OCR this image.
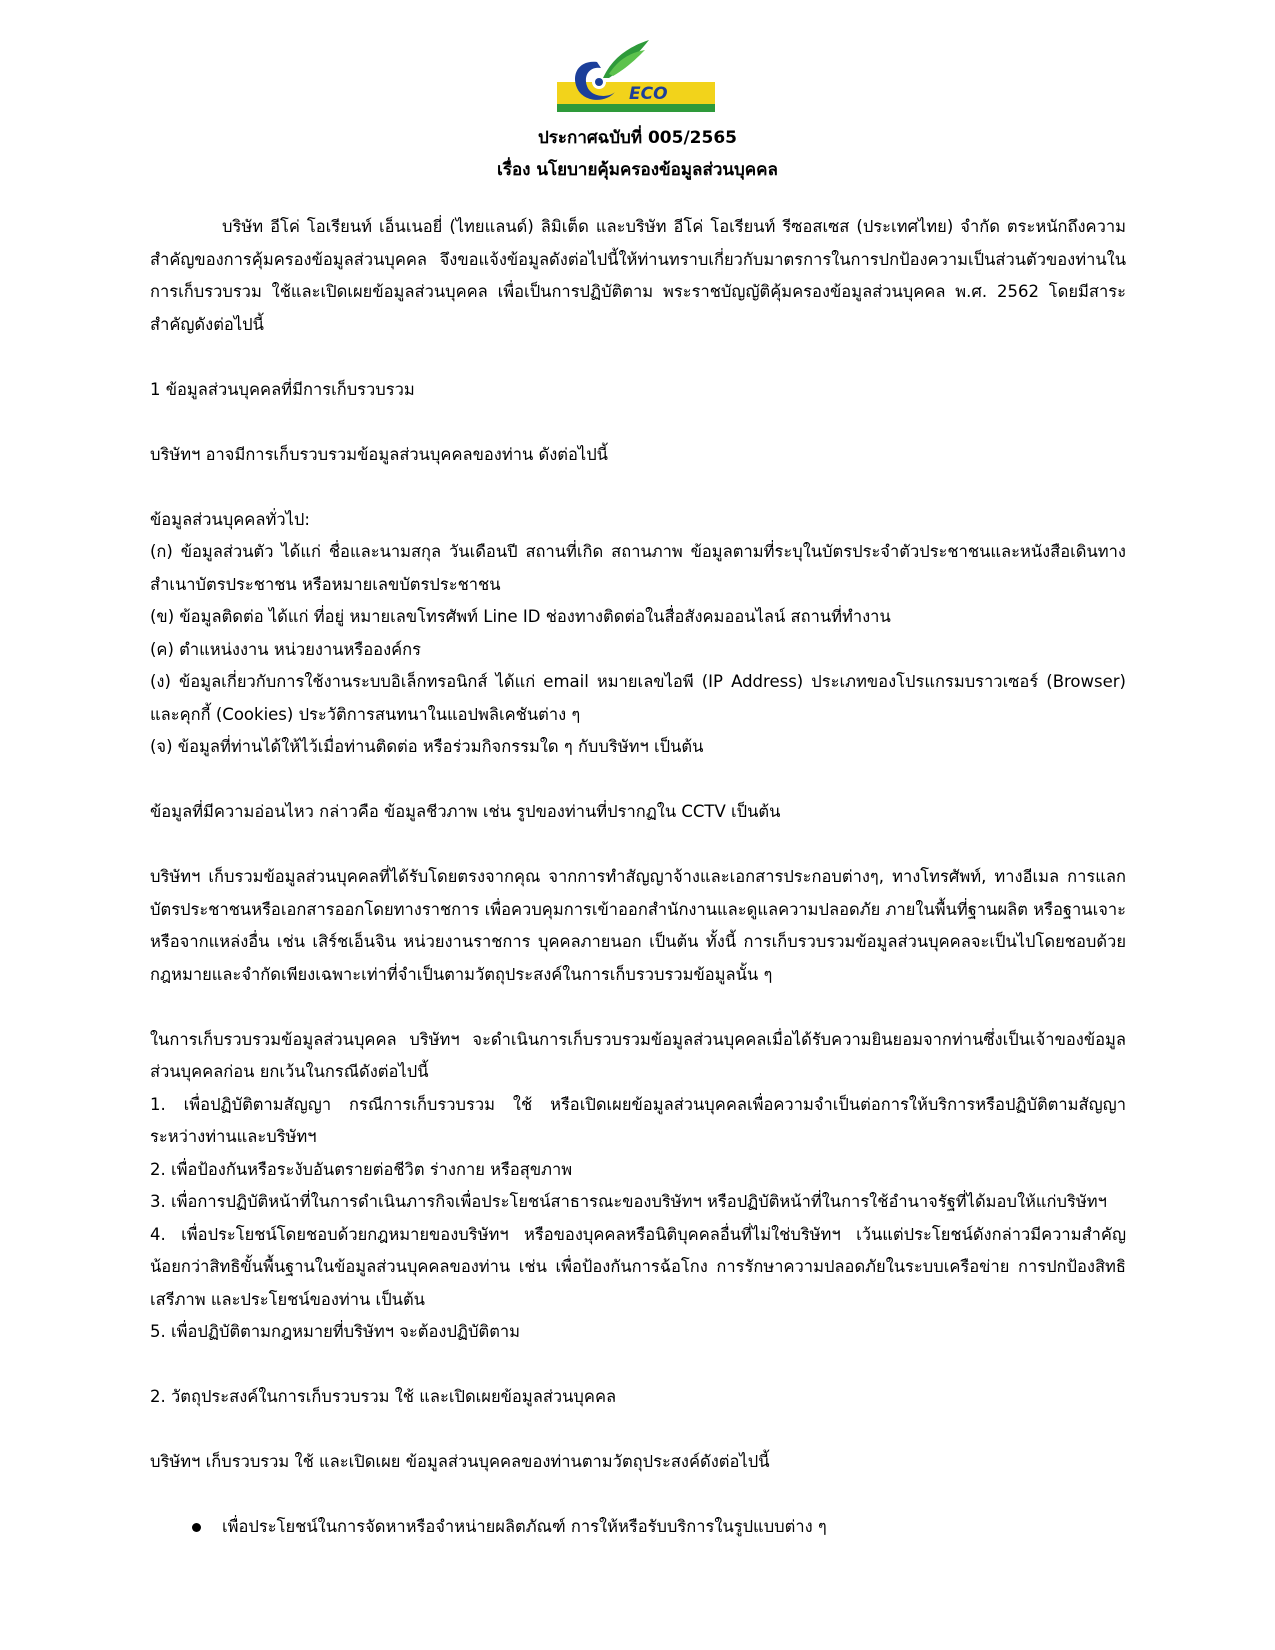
ECO
ประกาศฉบับที่ 005/2565
เรื่อง นโยบายคุ้มครองข้อมูลส่วนบุคคล

บริษัท อีโค่ โอเรียนท์ เอ็นเนอยี่ (ไทยแลนด์) ลิมิเต็ด และบริษัท อีโค่ โอเรียนท์ รีซอสเซส (ประเทศไทย) จำกัด ตระหนักถึงความสำคัญของการคุ้มครองข้อมูลส่วนบุคคล จึงขอแจ้งข้อมูลดังต่อไปนี้ให้ท่านทราบเกี่ยวกับมาตรการในการปกป้องความเป็นส่วนตัวของท่านในการเก็บรวบรวม ใช้และเปิดเผยข้อมูลส่วนบุคคล เพื่อเป็นการปฏิบัติตาม พระราชบัญญัติคุ้มครองข้อมูลส่วนบุคคล พ.ศ. 2562 โดยมีสาระสำคัญดังต่อไปนี้

1 ข้อมูลส่วนบุคคลที่มีการเก็บรวบรวม

บริษัทฯ อาจมีการเก็บรวบรวมข้อมูลส่วนบุคคลของท่าน ดังต่อไปนี้

ข้อมูลส่วนบุคคลทั่วไป:

(ก) ข้อมูลส่วนตัว ได้แก่ ชื่อและนามสกุล วันเดือนปี สถานที่เกิด สถานภาพ ข้อมูลตามที่ระบุในบัตรประจำตัวประชาชนและหนังสือเดินทาง สำเนาบัตรประชาชน หรือหมายเลขบัตรประชาชน

(ข) ข้อมูลติดต่อ ได้แก่ ที่อยู่ หมายเลขโทรศัพท์ Line ID ช่องทางติดต่อในสื่อสังคมออนไลน์ สถานที่ทำงาน

(ค) ตำแหน่งงาน หน่วยงานหรือองค์กร

(ง) ข้อมูลเกี่ยวกับการใช้งานระบบอิเล็กทรอนิกส์ ได้แก่ email หมายเลขไอพี (IP Address) ประเภทของโปรแกรมบราวเซอร์ (Browser) และคุกกี้ (Cookies) ประวัติการสนทนาในแอปพลิเคชันต่าง ๆ

(จ) ข้อมูลที่ท่านได้ให้ไว้เมื่อท่านติดต่อ หรือร่วมกิจกรรมใด ๆ กับบริษัทฯ เป็นต้น

ข้อมูลที่มีความอ่อนไหว กล่าวคือ ข้อมูลชีวภาพ เช่น รูปของท่านที่ปรากฏใน CCTV เป็นต้น

บริษัทฯ เก็บรวมข้อมูลส่วนบุคคลที่ได้รับโดยตรงจากคุณ จากการทำสัญญาจ้างและเอกสารประกอบต่างๆ, ทางโทรศัพท์, ทางอีเมล การแลกบัตรประชาชนหรือเอกสารออกโดยทางราชการ เพื่อควบคุมการเข้าออกสำนักงานและดูแลความปลอดภัย ภายในพื้นที่ฐานผลิต หรือฐานเจาะ หรือจากแหล่งอื่น เช่น เสิร์ชเอ็นจิน หน่วยงานราชการ บุคคลภายนอก เป็นต้น ทั้งนี้ การเก็บรวบรวมข้อมูลส่วนบุคคลจะเป็นไปโดยชอบด้วยกฎหมายและจำกัดเพียงเฉพาะเท่าที่จำเป็นตามวัตถุประสงค์ในการเก็บรวบรวมข้อมูลนั้น ๆ

ในการเก็บรวบรวมข้อมูลส่วนบุคคล บริษัทฯ จะดำเนินการเก็บรวบรวมข้อมูลส่วนบุคคลเมื่อได้รับความยินยอมจากท่านซึ่งเป็นเจ้าของข้อมูลส่วนบุคคลก่อน ยกเว้นในกรณีดังต่อไปนี้

1. เพื่อปฏิบัติตามสัญญา กรณีการเก็บรวบรวม ใช้ หรือเปิดเผยข้อมูลส่วนบุคคลเพื่อความจำเป็นต่อการให้บริการหรือปฏิบัติตามสัญญาระหว่างท่านและบริษัทฯ

2. เพื่อป้องกันหรือระงับอันตรายต่อชีวิต ร่างกาย หรือสุขภาพ

3. เพื่อการปฏิบัติหน้าที่ในการดำเนินภารกิจเพื่อประโยชน์สาธารณะของบริษัทฯ หรือปฏิบัติหน้าที่ในการใช้อำนาจรัฐที่ได้มอบให้แก่บริษัทฯ

4. เพื่อประโยชน์โดยชอบด้วยกฎหมายของบริษัทฯ หรือของบุคคลหรือนิติบุคคลอื่นที่ไม่ใช่บริษัทฯ เว้นแต่ประโยชน์ดังกล่าวมีความสำคัญน้อยกว่าสิทธิขั้นพื้นฐานในข้อมูลส่วนบุคคลของท่าน เช่น เพื่อป้องกันการฉ้อโกง การรักษาความปลอดภัยในระบบเครือข่าย การปกป้องสิทธิเสรีภาพ และประโยชน์ของท่าน เป็นต้น

5. เพื่อปฏิบัติตามกฎหมายที่บริษัทฯ จะต้องปฏิบัติตาม

2. วัตถุประสงค์ในการเก็บรวบรวม ใช้ และเปิดเผยข้อมูลส่วนบุคคล

บริษัทฯ เก็บรวบรวม ใช้ และเปิดเผย ข้อมูลส่วนบุคคลของท่านตามวัตถุประสงค์ดังต่อไปนี้

เพื่อประโยชน์ในการจัดหาหรือจำหน่ายผลิตภัณฑ์ การให้หรือรับบริการในรูปแบบต่าง ๆ
